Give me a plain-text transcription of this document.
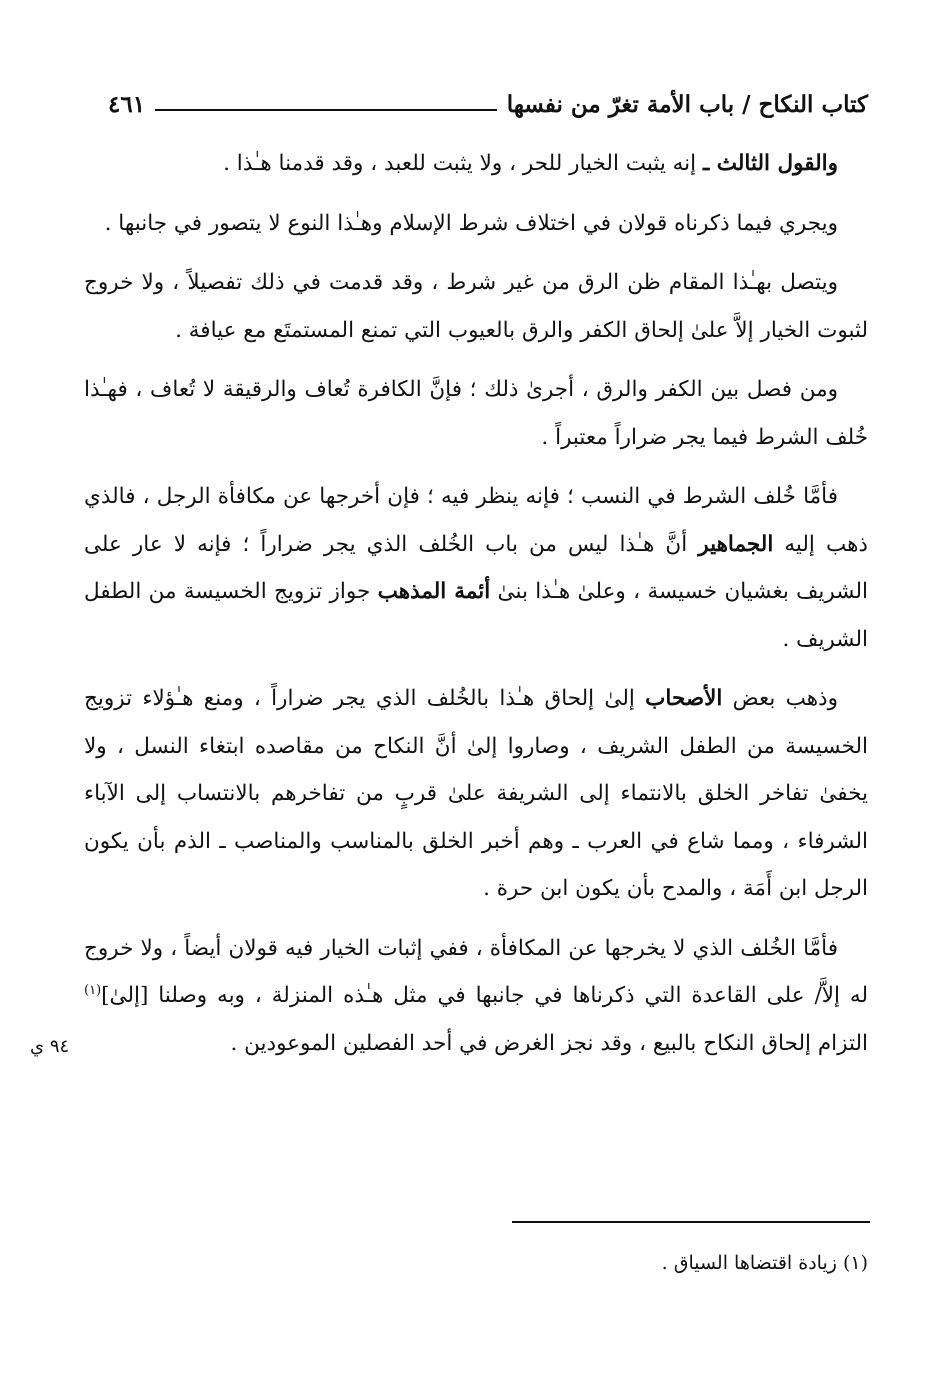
كتاب النكاح / باب الأمة تغرّ من نفسها
٤٦١

والقول الثالث ـ إنه يثبت الخيار للحر ، ولا يثبت للعبد ، وقد قدمنا هـٰذا .

ويجري فيما ذكرناه قولان في اختلاف شرط الإسلام وهـٰذا النوع لا يتصور في جانبها .

ويتصل بهـٰذا المقام ظن الرق من غير شرط ، وقد قدمت في ذلك تفصيلاً ، ولا خروج لثبوت الخيار إلاَّ علىٰ إلحاق الكفر والرق بالعيوب التي تمنع المستمتَع مع عيافة .

ومن فصل بين الكفر والرق ، أجرىٰ ذلك ؛ فإنَّ الكافرة تُعاف والرقيقة لا تُعاف ، فهـٰذا خُلف الشرط فيما يجر ضراراً معتبراً .

فأمَّا خُلف الشرط في النسب ؛ فإنه ينظر فيه ؛ فإن أخرجها عن مكافأة الرجل ، فالذي ذهب إليه الجماهير أنَّ هـٰذا ليس من باب الخُلف الذي يجر ضراراً ؛ فإنه لا عار على الشريف بغشيان خسيسة ، وعلىٰ هـٰذا بنىٰ أئمة المذهب جواز تزويج الخسيسة من الطفل الشريف .

وذهب بعض الأصحاب إلىٰ إلحاق هـٰذا بالخُلف الذي يجر ضراراً ، ومنع هـٰؤلاء تزويج الخسيسة من الطفل الشريف ، وصاروا إلىٰ أنَّ النكاح من مقاصده ابتغاء النسل ، ولا يخفىٰ تفاخر الخلق بالانتماء إلى الشريفة علىٰ قربٍ من تفاخرهم بالانتساب إلى الآباء الشرفاء ، ومما شاع في العرب ـ وهم أخبر الخلق بالمناسب والمناصب ـ الذم بأن يكون الرجل ابن أَمَة ، والمدح بأن يكون ابن حرة .

فأمَّا الخُلف الذي لا يخرجها عن المكافأة ، ففي إثبات الخيار فيه قولان أيضاً ، ولا خروج له إلاَّ/ على القاعدة التي ذكرناها في جانبها في مثل هـٰذه المنزلة ، وبه وصلنا [إلىٰ]$^{(١)}$ التزام إلحاق النكاح بالبيع ، وقد نجز الغرض في أحد الفصلين الموعودين .

٩٤ ي
(١) زيادة اقتضاها السياق .
